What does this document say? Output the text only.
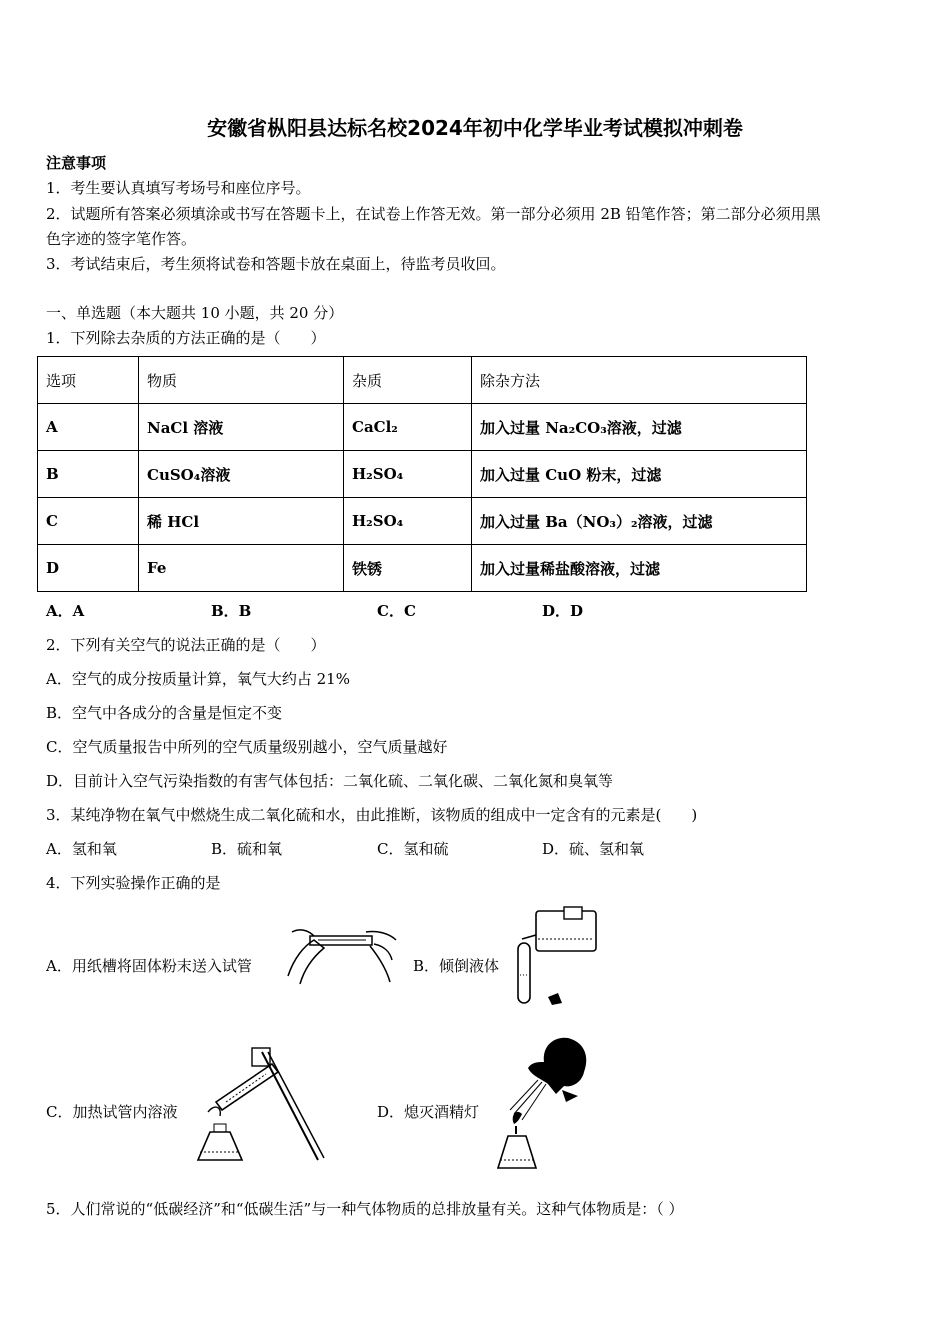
安徽省枞阳县达标名校2024年初中化学毕业考试模拟冲刺卷
注意事项
1．考生要认真填写考场号和座位序号。
2．试题所有答案必须填涂或书写在答题卡上，在试卷上作答无效。第一部分必须用 2B 铅笔作答；第二部分必须用黑
色字迹的签字笔作答。
3．考试结束后，考生须将试卷和答题卡放在桌面上，待监考员收回。
一、单选题（本大题共 10 小题，共 20 分）
1．下列除去杂质的方法正确的是（　　）
选项	物质	杂质	除杂方法
A	NaCl 溶液	CaCl₂	加入过量 Na₂CO₃溶液，过滤
B	CuSO₄溶液	H₂SO₄	加入过量 CuO 粉末，过滤
C	稀 HCl	H₂SO₄	加入过量 Ba（NO₃）₂溶液，过滤
D	Fe	铁锈	加入过量稀盐酸溶液，过滤
A．A	B．B	C．C	D．D
2．下列有关空气的说法正确的是（　　）
A．空气的成分按质量计算，氧气大约占 21%
B．空气中各成分的含量是恒定不变
C．空气质量报告中所列的空气质量级别越小，空气质量越好
D．目前计入空气污染指数的有害气体包括：二氧化硫、二氧化碳、二氧化氮和臭氧等
3．某纯净物在氧气中燃烧生成二氧化硫和水，由此推断，该物质的组成中一定含有的元素是(　　)
A．氢和氧	B．硫和氧	C．氢和硫	D．硫、氢和氧
4．下列实验操作正确的是
A．用纸槽将固体粉末送入试管	B．倾倒液体
C．加热试管内溶液	D．熄灭酒精灯
5．人们常说的“低碳经济”和“低碳生活”与一种气体物质的总排放量有关。这种气体物质是：（ ）
